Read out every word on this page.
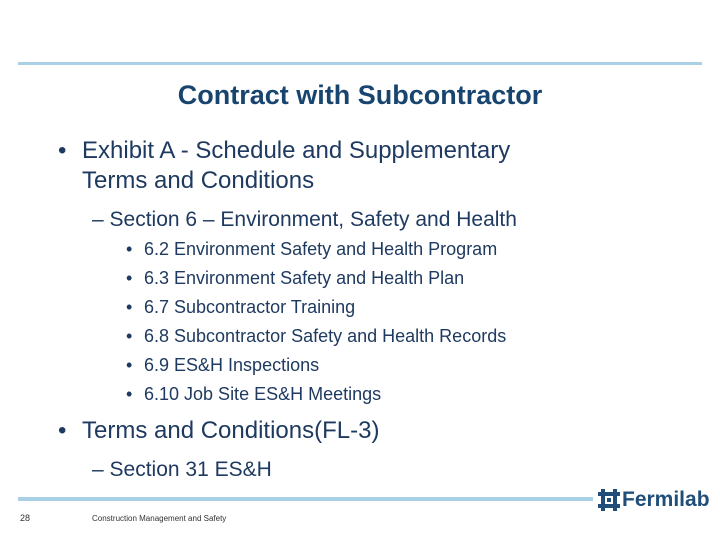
Contract with Subcontractor
• Exhibit A - Schedule and Supplementary
Terms and Conditions
– Section 6 – Environment, Safety and Health
• 6.2 Environment Safety and Health Program
• 6.3 Environment Safety and Health Plan
• 6.7 Subcontractor Training
• 6.8 Subcontractor Safety and Health Records
• 6.9 ES&H Inspections
• 6.10 Job Site ES&H Meetings
• Terms and Conditions(FL-3)
– Section 31 ES&H
28	Construction Management and Safety
Fermilab
